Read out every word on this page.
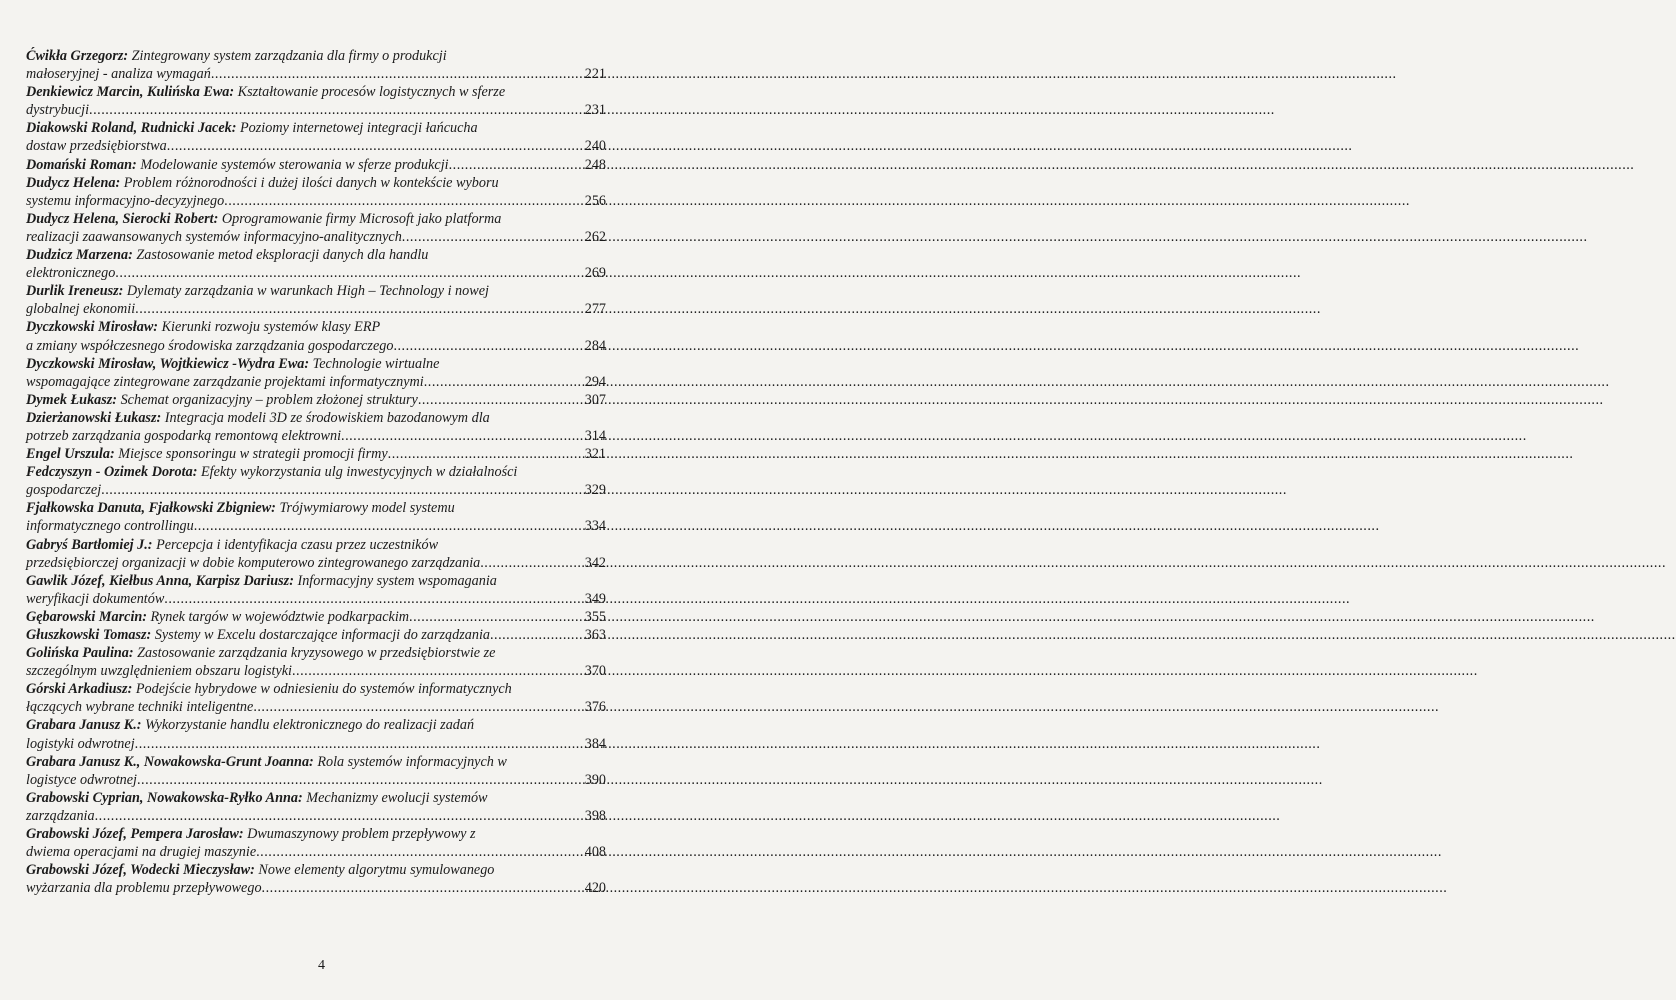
Ćwikła Grzegorz: Zintegrowany system zarządzania dla firmy o produkcji
małoseryjnej - analiza wymagań .....	221
Denkiewicz Marcin, Kulińska Ewa: Kształtowanie procesów logistycznych w sferze
dystrybucji .....	231
Diakowski Roland, Rudnicki Jacek: Poziomy internetowej integracji łańcucha
dostaw przedsiębiorstwa .....	240
Domański Roman: Modelowanie systemów sterowania w sferze produkcji .....	248
Dudycz Helena: Problem różnorodności i dużej ilości danych w kontekście wyboru
systemu informacyjno-decyzyjnego .....	256
Dudycz Helena, Sierocki Robert: Oprogramowanie firmy Microsoft jako platforma
realizacji zaawansowanych systemów informacyjno-analitycznych .....	262
Dudzicz Marzena: Zastosowanie metod eksploracji danych dla handlu
elektronicznego .....	269
Durlik Ireneusz: Dylematy zarządzania w warunkach High – Technology i nowej
globalnej ekonomii .....	277
Dyczkowski Mirosław: Kierunki rozwoju systemów klasy ERP
a zmiany współczesnego środowiska zarządzania gospodarczego .....	284
Dyczkowski Mirosław, Wojtkiewicz -Wydra Ewa: Technologie wirtualne
wspomagające zintegrowane zarządzanie projektami informatycznymi .....	294
Dymek Łukasz: Schemat organizacyjny – problem złożonej struktury .....	307
Dzierżanowski Łukasz: Integracja modeli 3D ze środowiskiem bazodanowym dla
potrzeb zarządzania gospodarką remontową elektrowni .....	314
Engel Urszula: Miejsce sponsoringu w strategii promocji firmy .....	321
Fedczyszyn - Ozimek Dorota: Efekty wykorzystania ulg inwestycyjnych w działalności
gospodarczej .....	329
Fjałkowska Danuta, Fjałkowski Zbigniew: Trójwymiarowy model systemu
informatycznego controllingu .....	334
Gabryś Bartłomiej J.: Percepcja i identyfikacja czasu przez uczestników
przedsiębiorczej organizacji w dobie komputerowo zintegrowanego zarządzania .....	342
Gawlik Józef, Kiełbus Anna, Karpisz Dariusz: Informacyjny system wspomagania
weryfikacji dokumentów .....	349
Gębarowski Marcin: Rynek targów w województwie podkarpackim .....	355
Głuszkowski Tomasz: Systemy w Excelu dostarczające informacji do zarządzania .....	363
Golińska Paulina: Zastosowanie zarządzania kryzysowego w przedsiębiorstwie ze
szczególnym uwzględnieniem obszaru logistyki .....	370
Górski Arkadiusz: Podejście hybrydowe w odniesieniu do systemów informatycznych
łączących wybrane techniki inteligentne .....	376
Grabara Janusz K.: Wykorzystanie handlu elektronicznego do realizacji zadań
logistyki odwrotnej .....	384
Grabara Janusz K., Nowakowska-Grunt Joanna: Rola systemów informacyjnych w
logistyce odwrotnej .....	390
Grabowski Cyprian, Nowakowska-Ryłko Anna: Mechanizmy ewolucji systemów
zarządzania .....	398
Grabowski Józef, Pempera Jarosław: Dwumaszynowy problem przepływowy z
dwiema operacjami na drugiej maszynie .....	408
Grabowski Józef, Wodecki Mieczysław: Nowe elementy algorytmu symulowanego
wyżarzania dla problemu przepływowego .....	420
4
